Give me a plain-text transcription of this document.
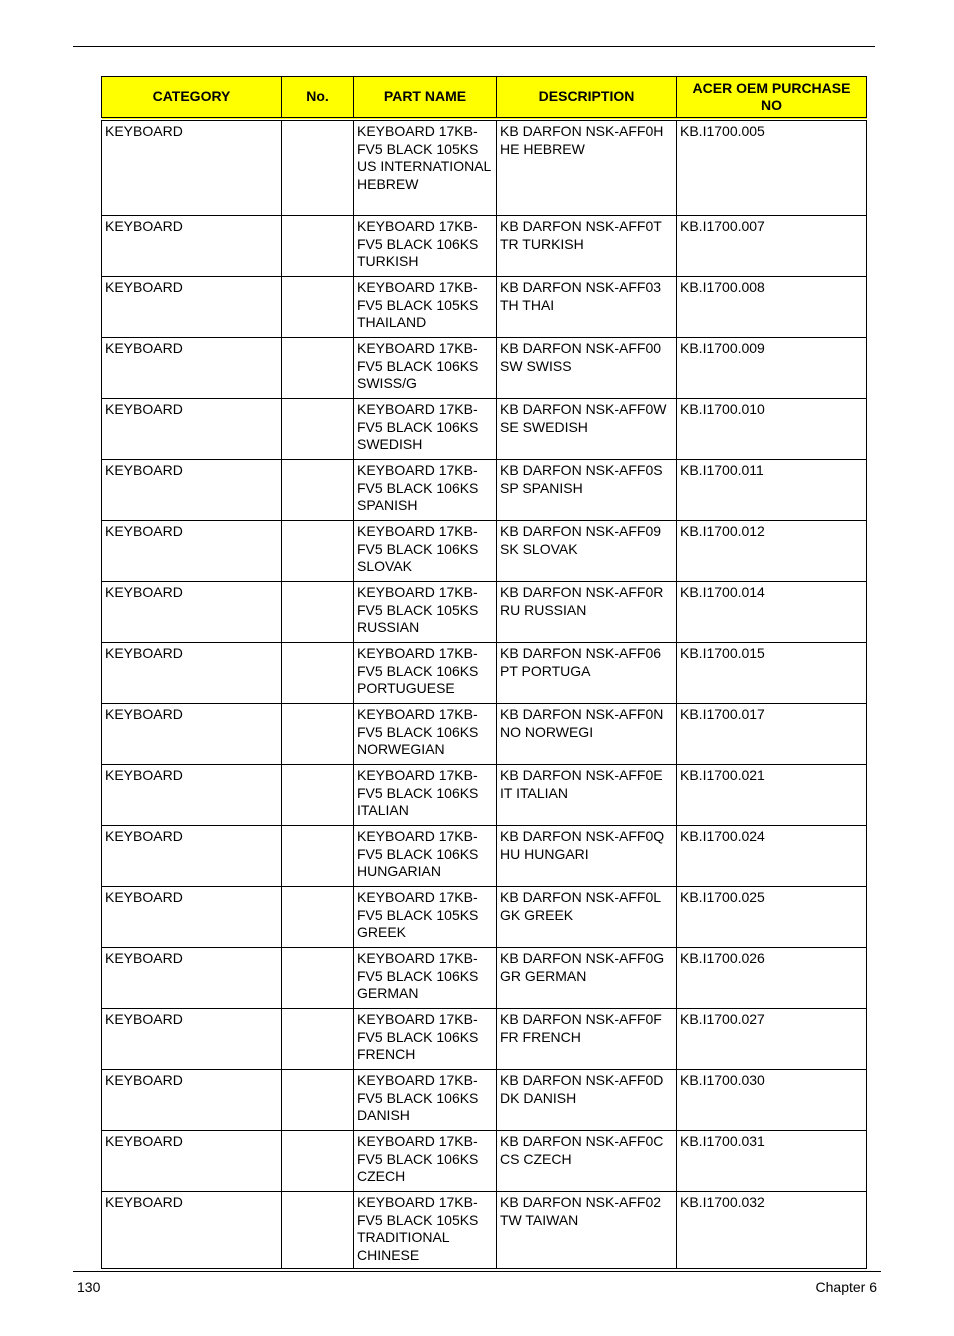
CATEGORY	No.	PART NAME	DESCRIPTION	ACER OEM PURCHASE NO
KEYBOARD		KEYBOARD 17KB-FV5 BLACK 105KS US INTERNATIONAL HEBREW	KB DARFON NSK-AFF0H HE HEBREW	KB.I1700.005
KEYBOARD		KEYBOARD 17KB-FV5 BLACK 106KS TURKISH	KB DARFON NSK-AFF0T TR TURKISH	KB.I1700.007
KEYBOARD		KEYBOARD 17KB-FV5 BLACK 105KS THAILAND	KB DARFON NSK-AFF03 TH THAI	KB.I1700.008
KEYBOARD		KEYBOARD 17KB-FV5 BLACK 106KS SWISS/G	KB DARFON NSK-AFF00 SW SWISS	KB.I1700.009
KEYBOARD		KEYBOARD 17KB-FV5 BLACK 106KS SWEDISH	KB DARFON NSK-AFF0W SE SWEDISH	KB.I1700.010
KEYBOARD		KEYBOARD 17KB-FV5 BLACK 106KS SPANISH	KB DARFON NSK-AFF0S SP SPANISH	KB.I1700.011
KEYBOARD		KEYBOARD 17KB-FV5 BLACK 106KS SLOVAK	KB DARFON NSK-AFF09 SK SLOVAK	KB.I1700.012
KEYBOARD		KEYBOARD 17KB-FV5 BLACK 105KS RUSSIAN	KB DARFON NSK-AFF0R RU RUSSIAN	KB.I1700.014
KEYBOARD		KEYBOARD 17KB-FV5 BLACK 106KS PORTUGUESE	KB DARFON NSK-AFF06 PT PORTUGA	KB.I1700.015
KEYBOARD		KEYBOARD 17KB-FV5 BLACK 106KS NORWEGIAN	KB DARFON NSK-AFF0N NO NORWEGI	KB.I1700.017
KEYBOARD		KEYBOARD 17KB-FV5 BLACK 106KS ITALIAN	KB DARFON NSK-AFF0E IT ITALIAN	KB.I1700.021
KEYBOARD		KEYBOARD 17KB-FV5 BLACK 106KS HUNGARIAN	KB DARFON NSK-AFF0Q HU HUNGARI	KB.I1700.024
KEYBOARD		KEYBOARD 17KB-FV5 BLACK 105KS GREEK	KB DARFON NSK-AFF0L GK GREEK	KB.I1700.025
KEYBOARD		KEYBOARD 17KB-FV5 BLACK 106KS GERMAN	KB DARFON NSK-AFF0G GR GERMAN	KB.I1700.026
KEYBOARD		KEYBOARD 17KB-FV5 BLACK 106KS FRENCH	KB DARFON NSK-AFF0F FR FRENCH	KB.I1700.027
KEYBOARD		KEYBOARD 17KB-FV5 BLACK 106KS DANISH	KB DARFON NSK-AFF0D DK DANISH	KB.I1700.030
KEYBOARD		KEYBOARD 17KB-FV5 BLACK 106KS CZECH	KB DARFON NSK-AFF0C CS CZECH	KB.I1700.031
KEYBOARD		KEYBOARD 17KB-FV5 BLACK 105KS TRADITIONAL CHINESE	KB DARFON NSK-AFF02 TW TAIWAN	KB.I1700.032
130	Chapter 6
